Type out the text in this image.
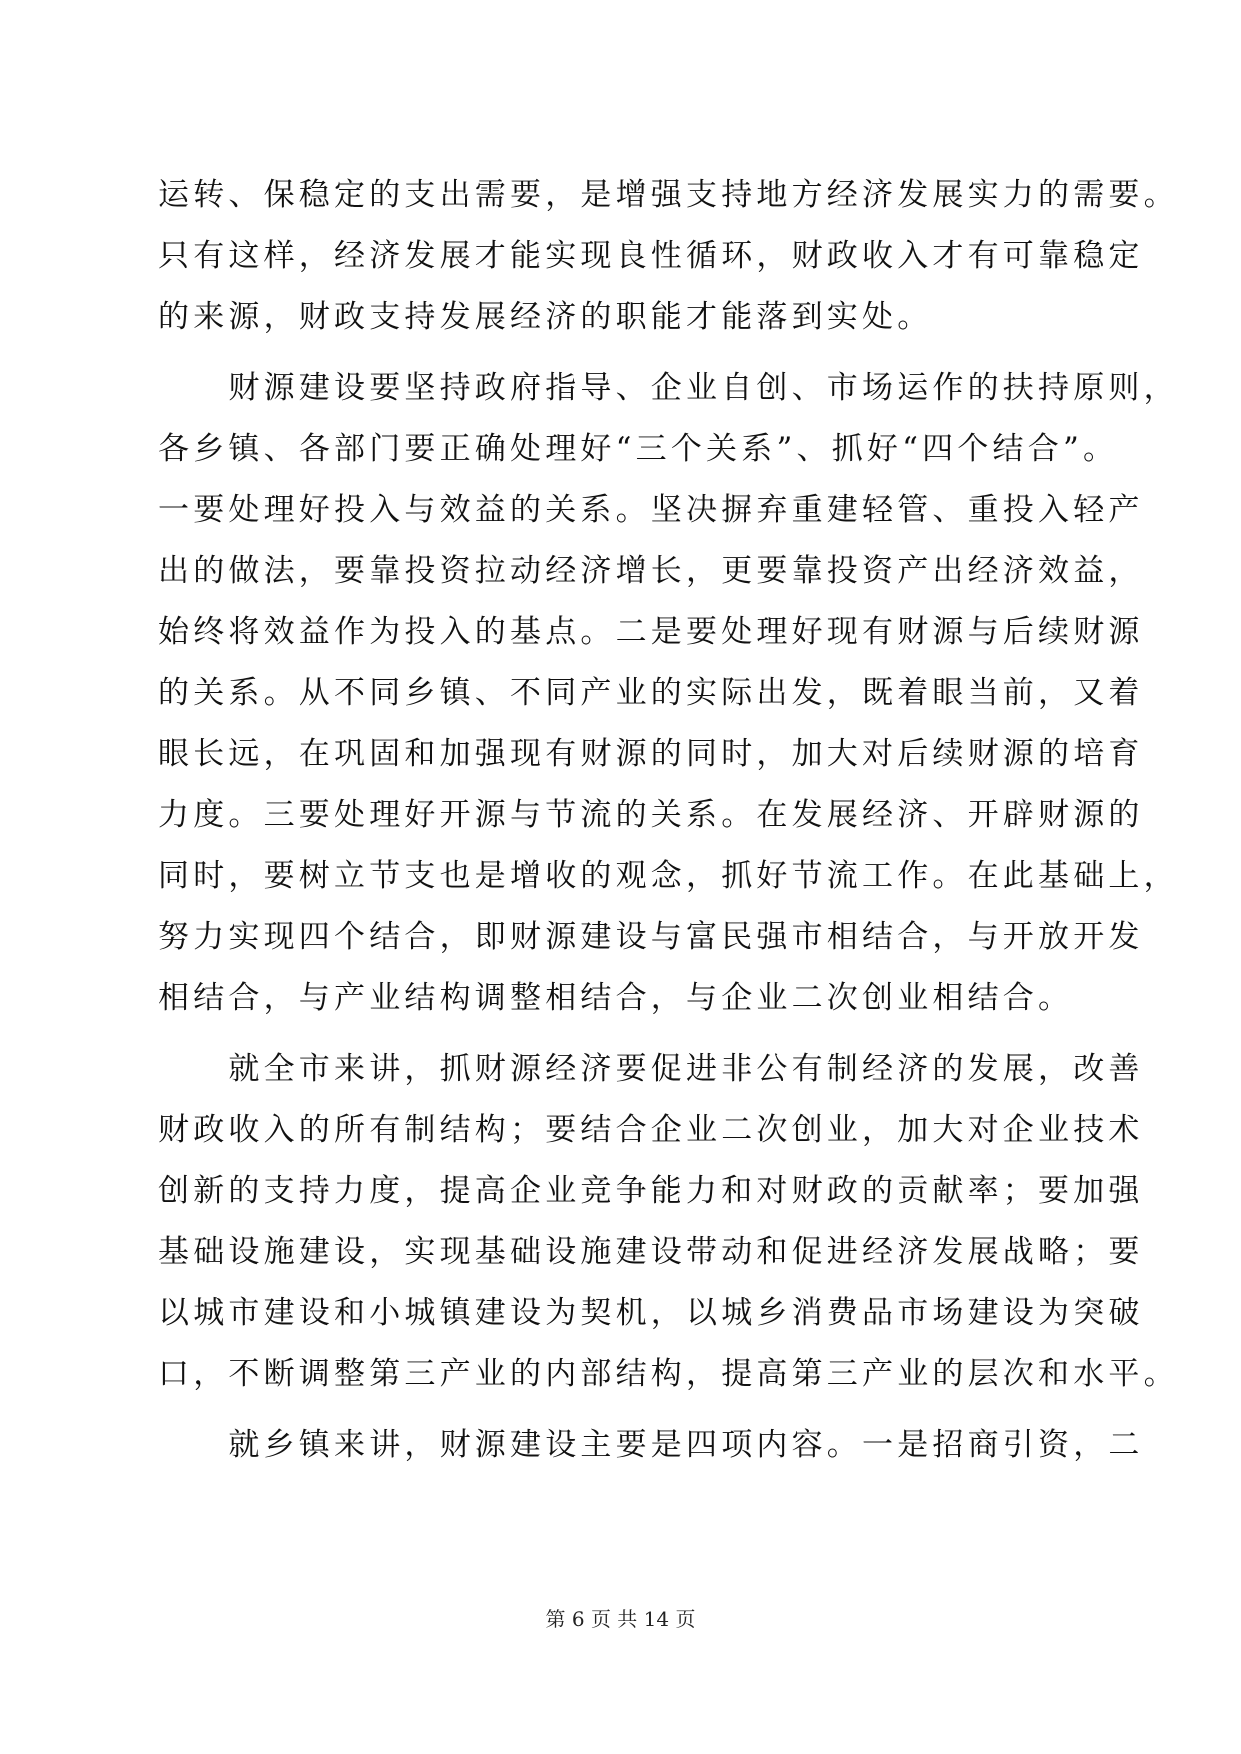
运转、保稳定的支出需要，是增强支持地方经济发展实力的需要。
只有这样，经济发展才能实现良性循环，财政收入才有可靠稳定
的来源，财政支持发展经济的职能才能落到实处。
　　财源建设要坚持政府指导、企业自创、市场运作的扶持原则，
各乡镇、各部门要正确处理好“三个关系”、抓好“四个结合”。
一要处理好投入与效益的关系。坚决摒弃重建轻管、重投入轻产
出的做法，要靠投资拉动经济增长，更要靠投资产出经济效益，
始终将效益作为投入的基点。二是要处理好现有财源与后续财源
的关系。从不同乡镇、不同产业的实际出发，既着眼当前，又着
眼长远，在巩固和加强现有财源的同时，加大对后续财源的培育
力度。三要处理好开源与节流的关系。在发展经济、开辟财源的
同时，要树立节支也是增收的观念，抓好节流工作。在此基础上，
努力实现四个结合，即财源建设与富民强市相结合，与开放开发
相结合，与产业结构调整相结合，与企业二次创业相结合。
　　就全市来讲，抓财源经济要促进非公有制经济的发展，改善
财政收入的所有制结构；要结合企业二次创业，加大对企业技术
创新的支持力度，提高企业竞争能力和对财政的贡献率；要加强
基础设施建设，实现基础设施建设带动和促进经济发展战略；要
以城市建设和小城镇建设为契机，以城乡消费品市场建设为突破
口，不断调整第三产业的内部结构，提高第三产业的层次和水平。
　　就乡镇来讲，财源建设主要是四项内容。一是招商引资，二
第 6 页 共 14 页
